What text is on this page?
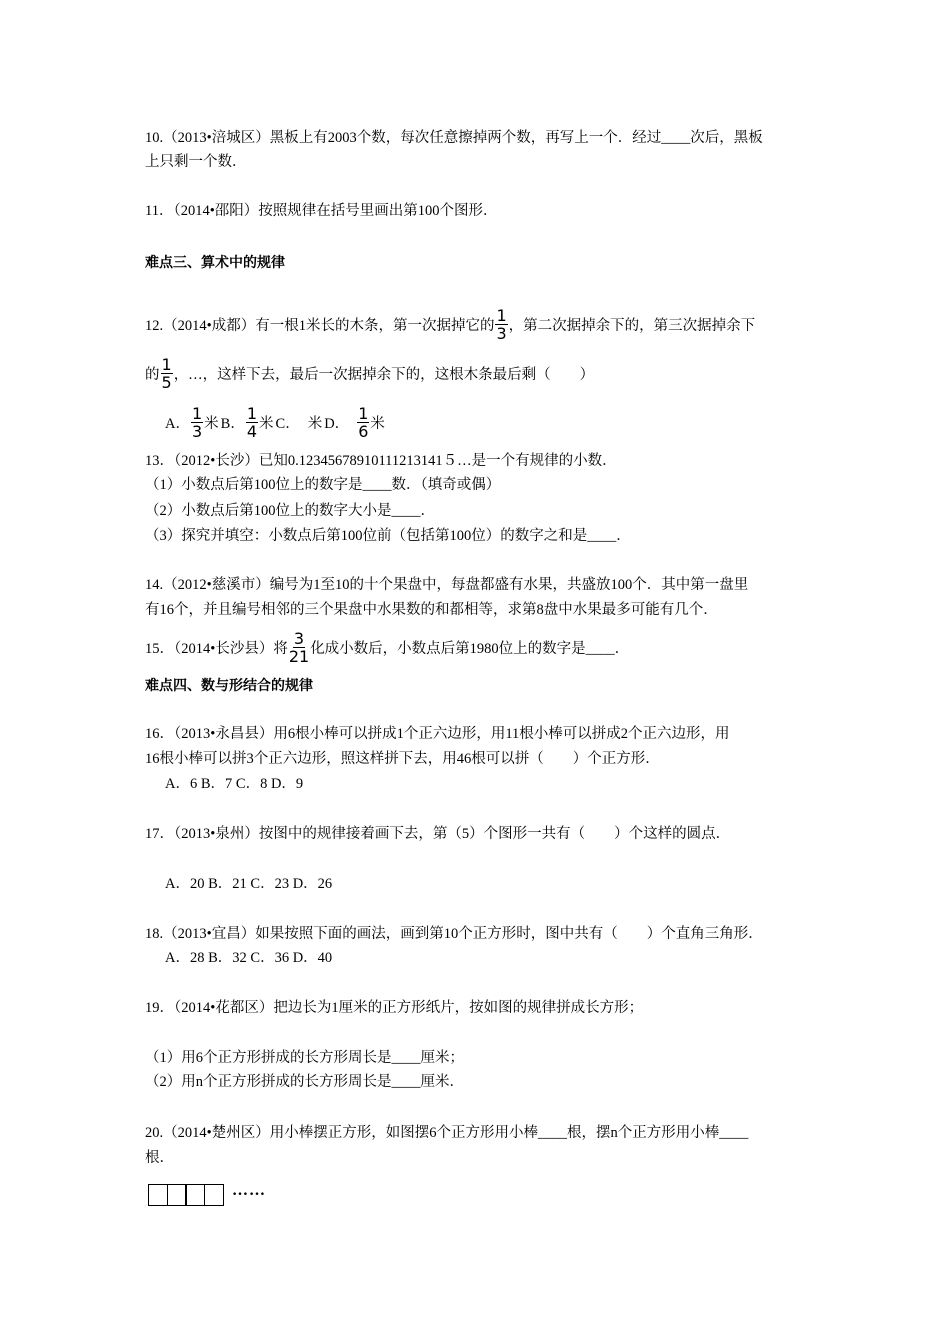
10.（2013•涪城区）黑板上有2003个数，每次任意擦掉两个数，再写上一个．经过____次后，黑板
上只剩一个数．
11．（2014•邵阳）按照规律在括号里画出第100个图形．
难点三、算术中的规律
12.（2014•成都）有一根1米长的木条，第一次据掉它的 $\frac{1}{3}$ ，第二次据掉余下的，第三次据掉余下
的 $\frac{1}{5}$ ，…，这样下去，最后一次据掉余下的，这根木条最后剩（　　）
A． $\frac{1}{3}$ 米 B． $\frac{1}{4}$ 米 C． 米 D． $\frac{1}{6}$ 米
13．（2012•长沙）已知0.12345678910111213141５…是一个有规律的小数．
（1）小数点后第100位上的数字是____数．（填奇或偶）
（2）小数点后第100位上的数字大小是____．
（3）探究并填空：小数点后第100位前（包括第100位）的数字之和是____．
14.（2012•慈溪市）编号为1至10的十个果盘中，每盘都盛有水果，共盛放100个．其中第一盘里
有16个，并且编号相邻的三个果盘中水果数的和都相等，求第8盘中水果最多可能有几个．
15．（2014•长沙县）将 $\frac{3}{21}$ 化成小数后，小数点后第1980位上的数字是____．
难点四、数与形结合的规律
16．（2013•永昌县）用6根小棒可以拼成1个正六边形，用11根小棒可以拼成2个正六边形，用
16根小棒可以拼3个正六边形，照这样拼下去，用46根可以拼（　　）个正方形．
A．6 B．7 C．8 D．9
17．（2013•泉州）按图中的规律接着画下去，第（5）个图形一共有（　　）个这样的圆点．
A．20 B．21 C．23 D．26
18.（2013•宜昌）如果按照下面的画法，画到第10个正方形时，图中共有（　　）个直角三角形．
A．28 B．32 C．36 D．40
19．（2014•花都区）把边长为1厘米的正方形纸片，按如图的规律拼成长方形；
（1）用6个正方形拼成的长方形周长是____厘米；
（2）用n个正方形拼成的长方形周长是____厘米．
20.（2014•楚州区）用小棒摆正方形，如图摆6个正方形用小棒____根，摆n个正方形用小棒____
根．
……
